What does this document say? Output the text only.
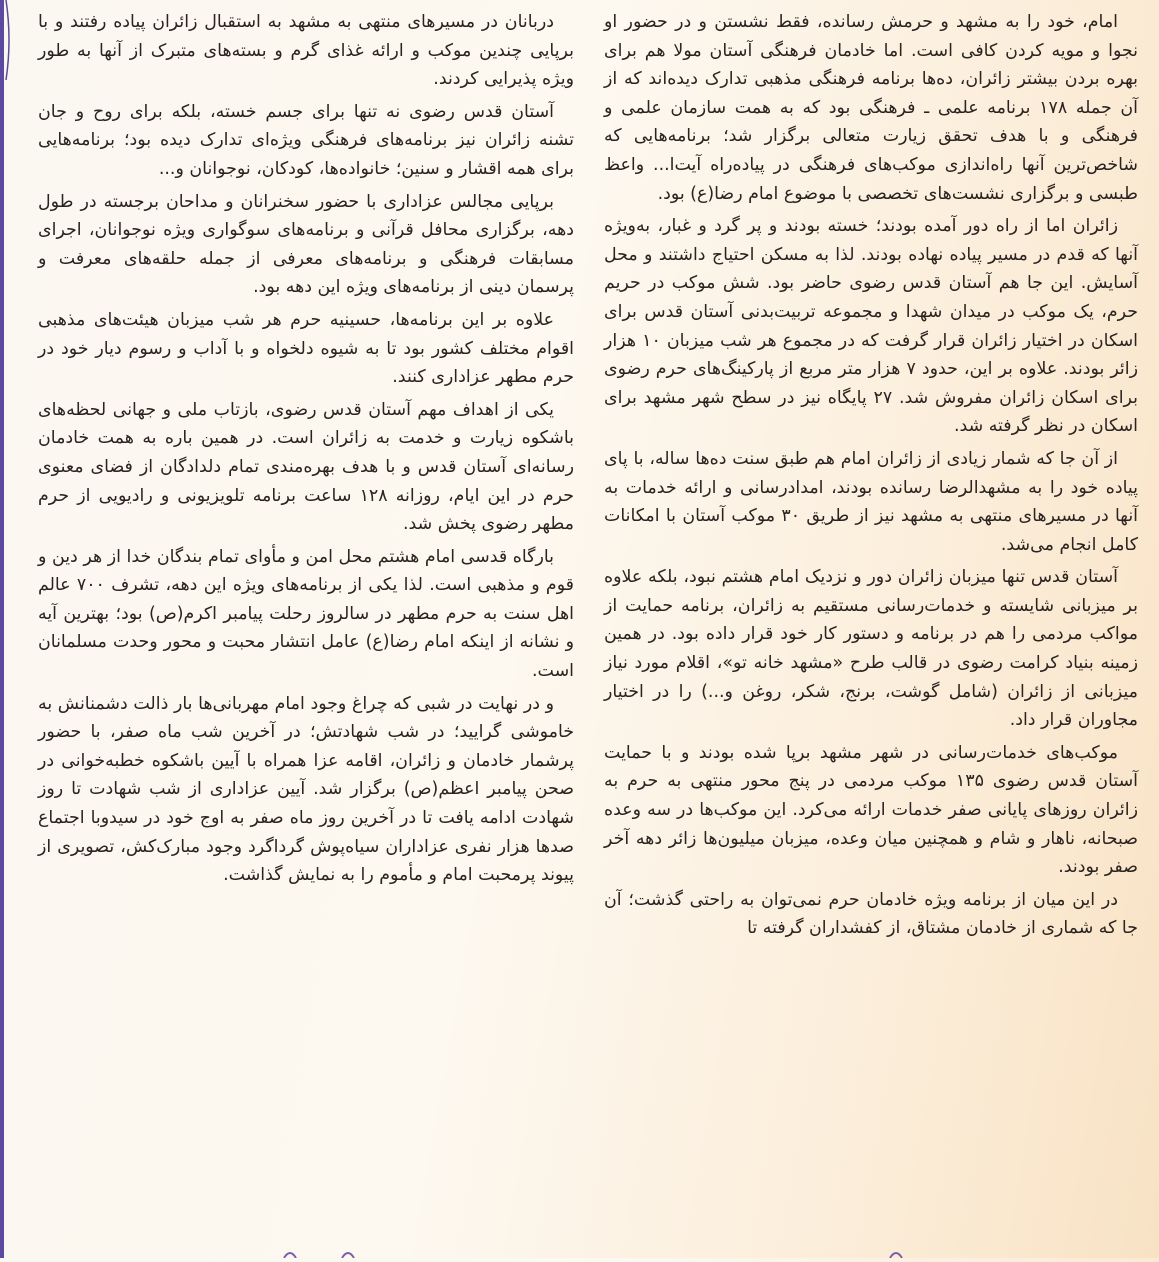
امام، خود را به مشهد و حرمش رسانده، فقط نشستن و در حضور او نجوا و مویه کردن کافی است. اما خادمان فرهنگی آستان مولا هم برای بهره بردن بیشتر زائران، ده‌ها برنامه فرهنگی مذهبی تدارک دیده‌اند که از آن جمله ۱۷۸ برنامه علمی ـ فرهنگی بود که به همت سازمان علمی و فرهنگی و با هدف تحقق زیارت متعالی برگزار شد؛ برنامه‌هایی که شاخص‌ترین آنها راه‌اندازی موکب‌های فرهنگی در پیاده‌راه آیت‌ا... واعظ طبسی و برگزاری نشست‌های تخصصی با موضوع امام رضا(ع) بود.

زائران اما از راه دور آمده بودند؛ خسته بودند و پر گرد و غبار، به‌ویژه آنها که قدم در مسیر پیاده نهاده بودند. لذا به مسکن احتیاج داشتند و محل آسایش. این جا هم آستان قدس رضوی حاضر بود. شش موکب در حریم حرم، یک موکب در میدان شهدا و مجموعه تربیت‌بدنی آستان قدس برای اسکان در اختیار زائران قرار گرفت که در مجموع هر شب میزبان ۱۰ هزار زائر بودند. علاوه بر این، حدود ۷ هزار متر مربع از پارکینگ‌های حرم رضوی برای اسکان زائران مفروش شد. ۲۷ پایگاه نیز در سطح شهر مشهد برای اسکان در نظر گرفته شد.

از آن جا که شمار زیادی از زائران امام هم طبق سنت ده‌ها ساله، با پای پیاده خود را به مشهدالرضا رسانده بودند، امدادرسانی و ارائه خدمات به آنها در مسیرهای منتهی به مشهد نیز از طریق ۳۰ موکب آستان با امکانات کامل انجام می‌شد.

آستان قدس تنها میزبان زائران دور و نزدیک امام هشتم نبود، بلکه علاوه بر میزبانی شایسته و خدمات‌رسانی مستقیم به زائران، برنامه حمایت از مواکب مردمی را هم در برنامه و دستور کار خود قرار داده بود. در همین زمینه بنیاد کرامت رضوی در قالب طرح «مشهد خانه تو»، اقلام مورد نیاز میزبانی از زائران (شامل گوشت، برنج، شکر، روغن و...) را در اختیار مجاوران قرار داد.

موکب‌های خدمات‌رسانی در شهر مشهد برپا شده بودند و با حمایت آستان قدس رضوی ۱۳۵ موکب مردمی در پنج محور منتهی به حرم به زائران روزهای پایانی صفر خدمات ارائه می‌کرد. این موکب‌ها در سه وعده صبحانه، ناهار و شام و همچنین میان وعده، میزبان میلیون‌ها زائر دهه آخر صفر بودند.

در این میان از برنامه ویژه خادمان حرم نمی‌توان به راحتی گذشت؛ آن جا که شماری از خادمان مشتاق، از کفشداران گرفته تا

دربانان در مسیرهای منتهی به مشهد به استقبال زائران پیاده رفتند و با برپایی چندین موکب و ارائه غذای گرم و بسته‌های متبرک از آنها به طور ویژه پذیرایی کردند.

آستان قدس رضوی نه تنها برای جسم خسته، بلکه برای روح و جان تشنه زائران نیز برنامه‌های فرهنگی ویژه‌ای تدارک دیده بود؛ برنامه‌هایی برای همه اقشار و سنین؛ خانواده‌ها، کودکان، نوجوانان و...

برپایی مجالس عزاداری با حضور سخنرانان و مداحان برجسته در طول دهه، برگزاری محافل قرآنی و برنامه‌های سوگواری ویژه نوجوانان، اجرای مسابقات فرهنگی و برنامه‌های معرفی از جمله حلقه‌های معرفت و پرسمان دینی از برنامه‌های ویژه این دهه بود.

علاوه بر این برنامه‌ها، حسینیه حرم هر شب میزبان هیئت‌های مذهبی اقوام مختلف کشور بود تا به شیوه دلخواه و با آداب و رسوم دیار خود در حرم مطهر عزاداری کنند.

یکی از اهداف مهم آستان قدس رضوی، بازتاب ملی و جهانی لحظه‌های باشکوه زیارت و خدمت به زائران است. در همین باره به همت خادمان رسانه‌ای آستان قدس و با هدف بهره‌مندی تمام دلدادگان از فضای معنوی حرم در این ایام، روزانه ۱۲۸ ساعت برنامه تلویزیونی و رادیویی از حرم مطهر رضوی پخش شد.

بارگاه قدسی امام هشتم محل امن و مأوای تمام بندگان خدا از هر دین و قوم و مذهبی است. لذا یکی از برنامه‌های ویژه این دهه، تشرف ۷۰۰ عالم اهل سنت به حرم مطهر در سالروز رحلت پیامبر اکرم(ص) بود؛ بهترین آیه و نشانه از اینکه امام رضا(ع) عامل انتشار محبت و محور وحدت مسلمانان است.

و در نهایت در شبی که چراغ وجود امام مهربانی‌ها بار ذالت دشمنانش به خاموشی گرایید؛ در شب شهادتش؛ در آخرین شب ماه صفر، با حضور پرشمار خادمان و زائران، اقامه عزا همراه با آیین باشکوه خطبه‌خوانی در صحن پیامبر اعظم(ص) برگزار شد. آیین عزاداری از شب شهادت تا روز شهادت ادامه یافت تا در آخرین روز ماه صفر به اوج خود در سیدوبا اجتماع صدها هزار نفری عزاداران سیاه‌پوش گرداگرد وجود مبارک‌کش، تصویری از پیوند پرمحبت امام و مأموم را به نمایش گذاشت.
